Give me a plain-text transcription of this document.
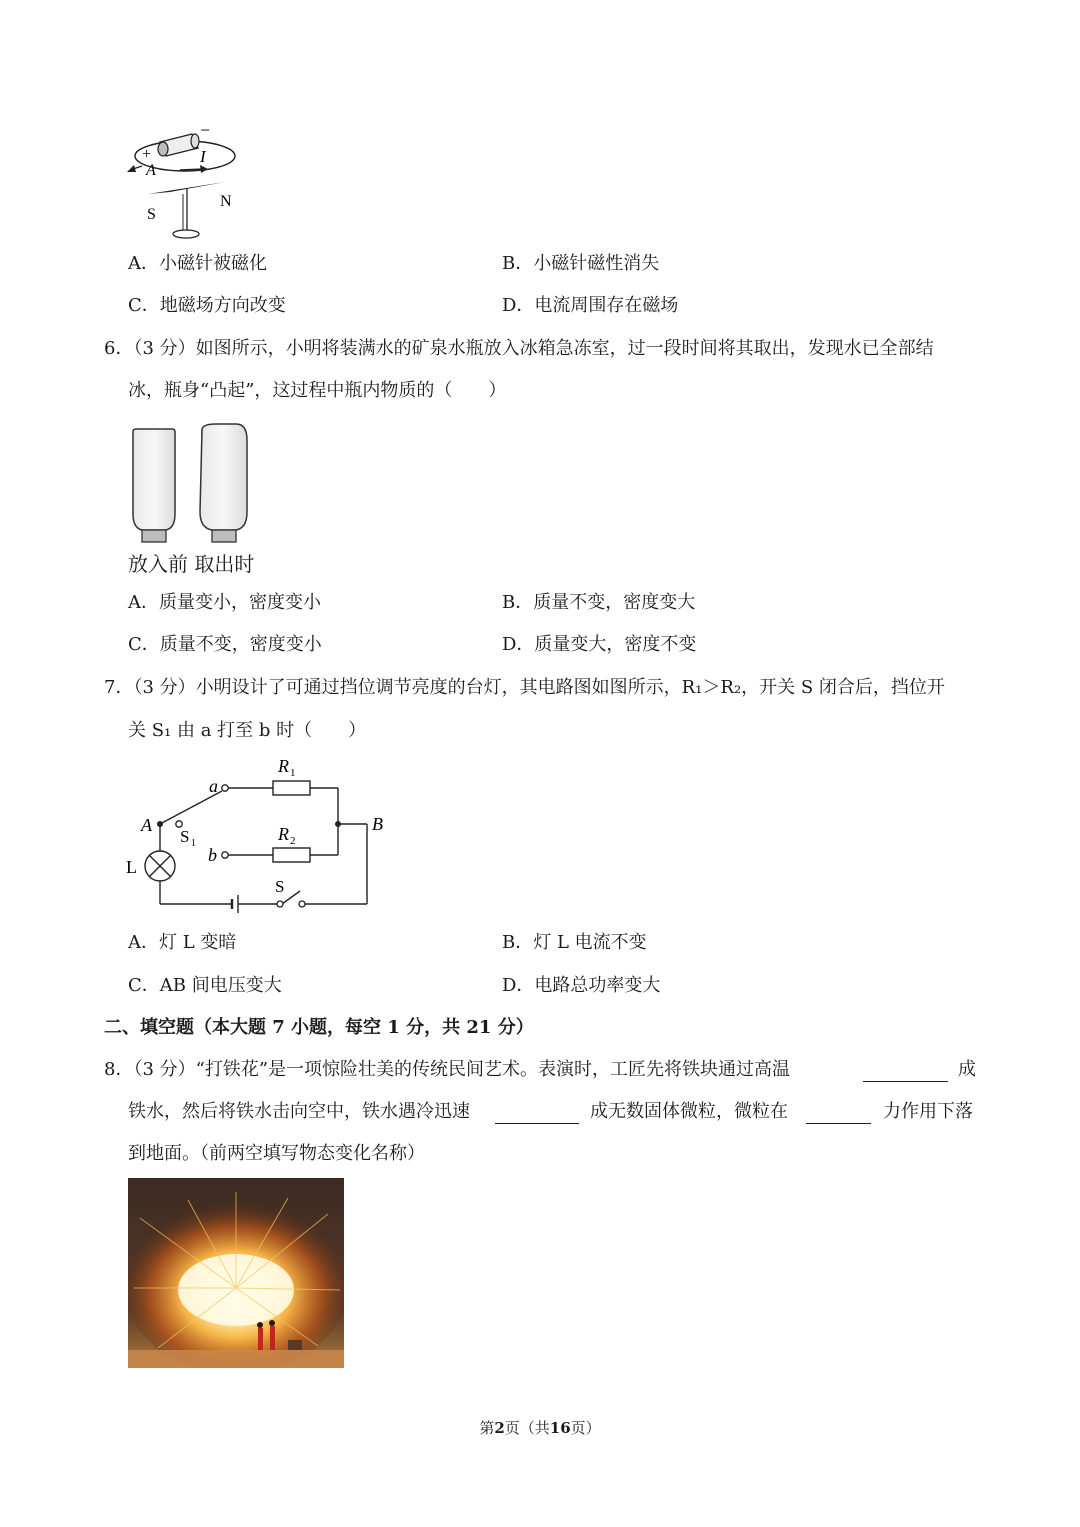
+
−
A
I
S
N
A．小磁针被磁化	B．小磁针磁性消失
C．地磁场方向改变	D．电流周围存在磁场
6．（3 分）如图所示，小明将装满水的矿泉水瓶放入冰箱急冻室，过一段时间将其取出，发现水已全部结
冰，瓶身“凸起”，这过程中瓶内物质的（　　）
放入前 取出时
A．质量变小，密度变小	B．质量不变，密度变大
C．质量不变，密度变小	D．质量变大，密度不变
7．（3 分）小明设计了可通过挡位调节亮度的台灯，其电路图如图所示，R₁＞R₂，开关 S 闭合后，挡位开
关 S₁ 由 a 打至 b 时（　　）
R 1
R 2
a
b
A	B
S 1
L
S
A．灯 L 变暗	B．灯 L 电流不变
C．AB 间电压变大	D．电路总功率变大
二、填空题（本大题 7 小题，每空 1 分，共 21 分）
8．（3 分）“打铁花”是一项惊险壮美的传统民间艺术。表演时，工匠先将铁块通过高温	成
铁水，然后将铁水击向空中，铁水遇冷迅速	成无数固体微粒，微粒在	力作用下落
到地面。（前两空填写物态变化名称）
第2页（共16页）
